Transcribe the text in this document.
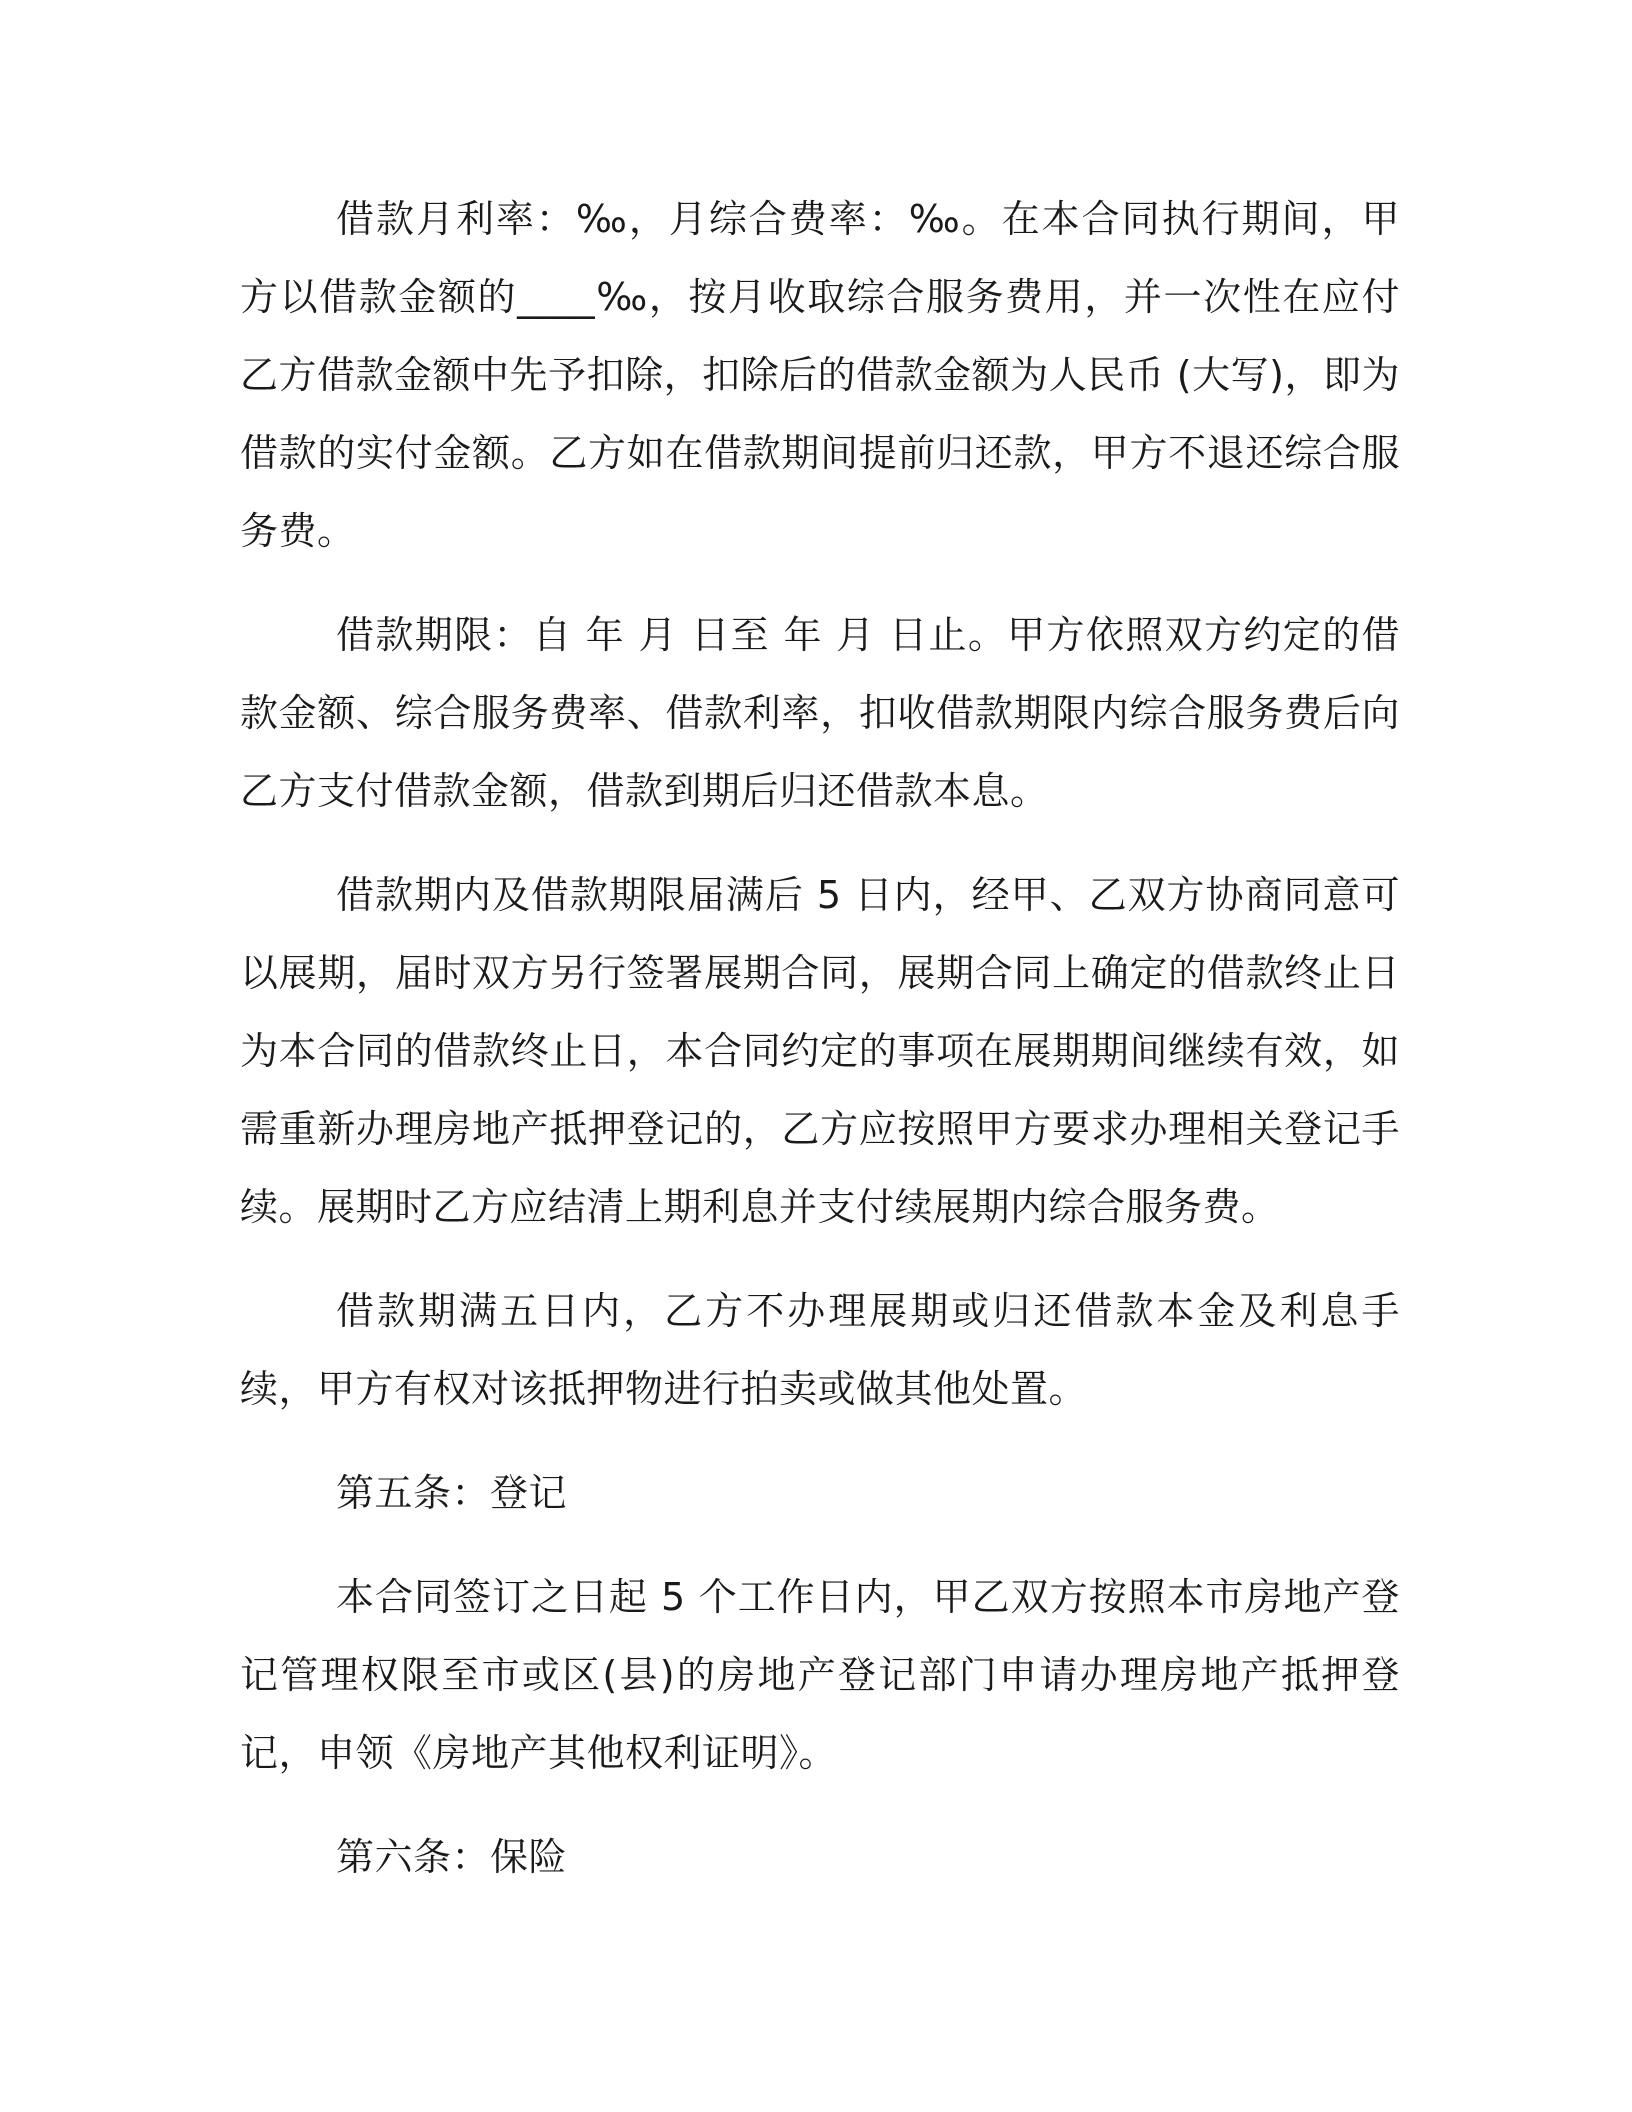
借款月利率：‰，月综合费率：‰。在本合同执行期间，甲方以借款金额的____‰，按月收取综合服务费用，并一次性在应付乙方借款金额中先予扣除，扣除后的借款金额为人民币 (大写)，即为借款的实付金额。乙方如在借款期间提前归还款，甲方不退还综合服务费。

借款期限：自 年 月 日至 年 月 日止。甲方依照双方约定的借款金额、综合服务费率、借款利率，扣收借款期限内综合服务费后向乙方支付借款金额，借款到期后归还借款本息。

借款期内及借款期限届满后 5 日内，经甲、乙双方协商同意可以展期，届时双方另行签署展期合同，展期合同上确定的借款终止日为本合同的借款终止日，本合同约定的事项在展期期间继续有效，如需重新办理房地产抵押登记的，乙方应按照甲方要求办理相关登记手续。展期时乙方应结清上期利息并支付续展期内综合服务费。

借款期满五日内，乙方不办理展期或归还借款本金及利息手续，甲方有权对该抵押物进行拍卖或做其他处置。

第五条：登记

本合同签订之日起 5 个工作日内，甲乙双方按照本市房地产登记管理权限至市或区(县)的房地产登记部门申请办理房地产抵押登记，申领《房地产其他权利证明》。

第六条：保险
